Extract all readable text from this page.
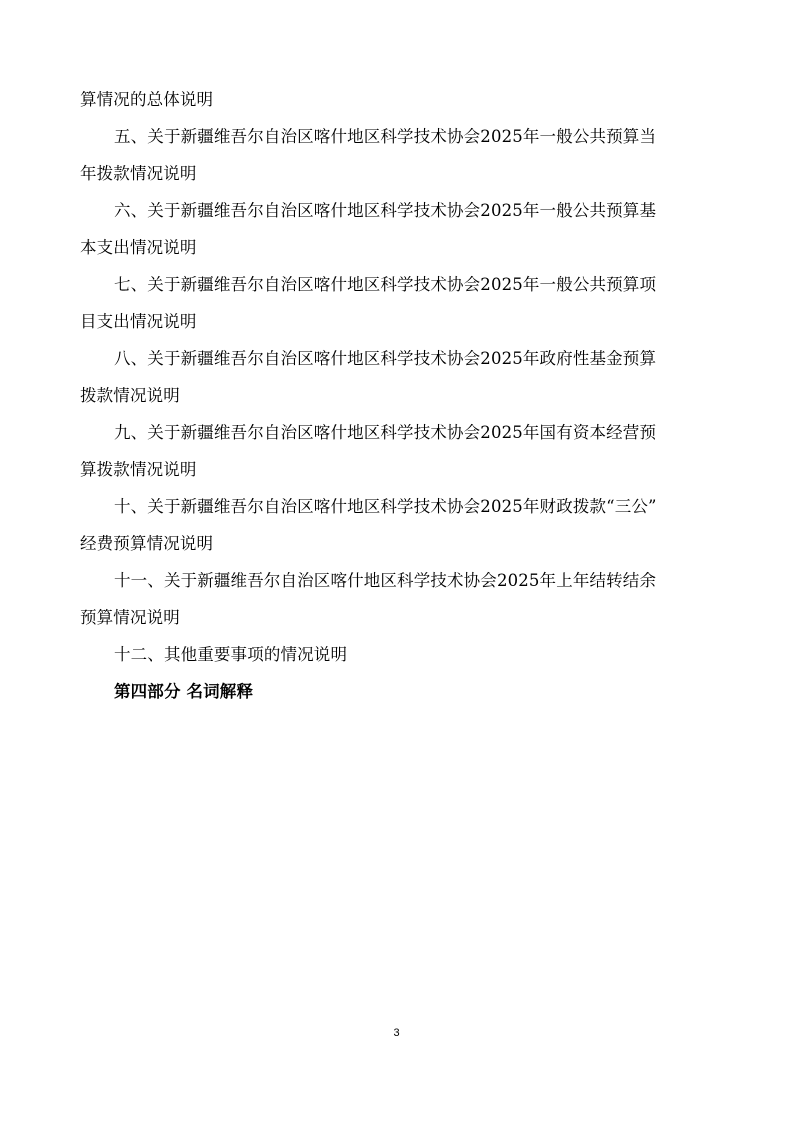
算情况的总体说明
五、关于新疆维吾尔自治区喀什地区科学技术协会2025年一般公共预算当
年拨款情况说明
六、关于新疆维吾尔自治区喀什地区科学技术协会2025年一般公共预算基
本支出情况说明
七、关于新疆维吾尔自治区喀什地区科学技术协会2025年一般公共预算项
目支出情况说明
八、关于新疆维吾尔自治区喀什地区科学技术协会2025年政府性基金预算
拨款情况说明
九、关于新疆维吾尔自治区喀什地区科学技术协会2025年国有资本经营预
算拨款情况说明
十、关于新疆维吾尔自治区喀什地区科学技术协会2025年财政拨款“三公”
经费预算情况说明
十一、关于新疆维吾尔自治区喀什地区科学技术协会2025年上年结转结余
预算情况说明
十二、其他重要事项的情况说明
第四部分 名词解释
3
